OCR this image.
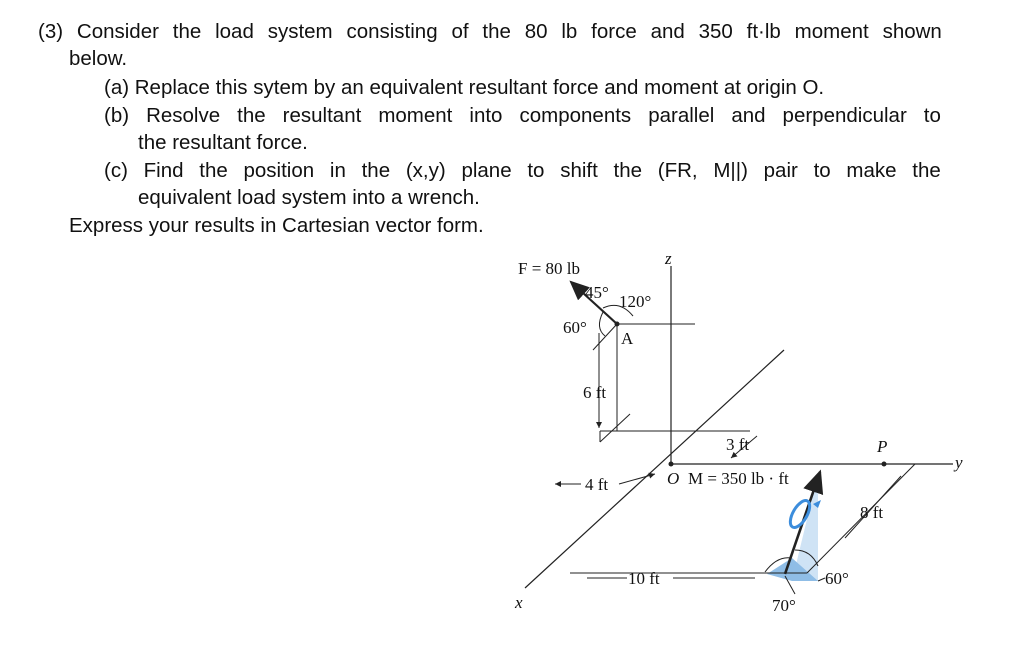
(3) Consider the load system consisting of the 80 lb force and 350 ft·lb moment shown
below.
(a) Replace this sytem by an equivalent resultant force and moment at origin O.
(b) Resolve the resultant moment into components parallel and perpendicular to
the resultant force.
(c) Find the position in the (x,y) plane to shift the (FR, M||) pair to make the
equivalent load system into a wrench.
Express your results in Cartesian vector form.
F = 80 lb
45° 120°
60°
A
z
6 ft
3 ft	P
y
4 ft	O M = 350 lb · ft
8 ft
10 ft	60°
70°
x
